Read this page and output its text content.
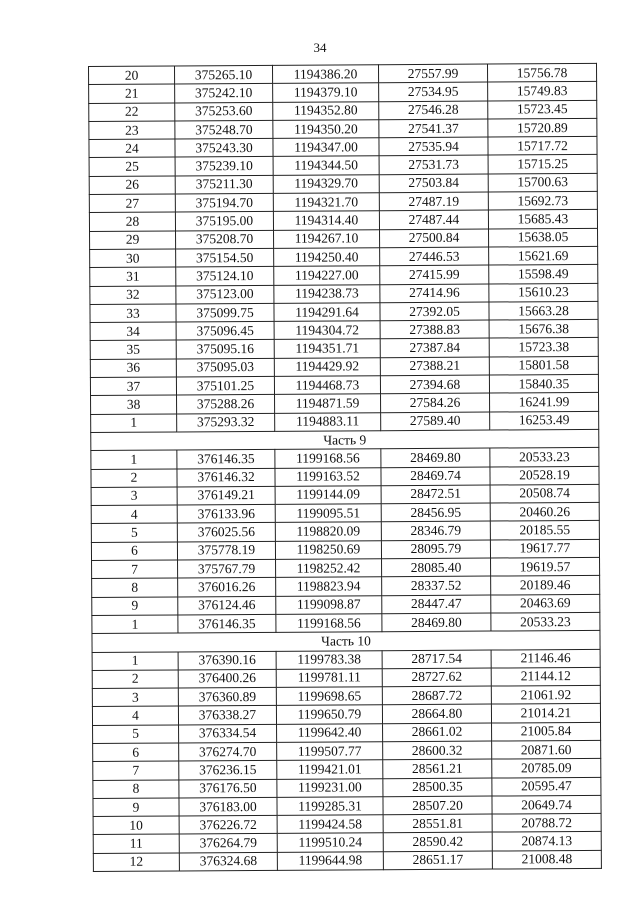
34
20	375265.10	1194386.20	27557.99	15756.78
21	375242.10	1194379.10	27534.95	15749.83
22	375253.60	1194352.80	27546.28	15723.45
23	375248.70	1194350.20	27541.37	15720.89
24	375243.30	1194347.00	27535.94	15717.72
25	375239.10	1194344.50	27531.73	15715.25
26	375211.30	1194329.70	27503.84	15700.63
27	375194.70	1194321.70	27487.19	15692.73
28	375195.00	1194314.40	27487.44	15685.43
29	375208.70	1194267.10	27500.84	15638.05
30	375154.50	1194250.40	27446.53	15621.69
31	375124.10	1194227.00	27415.99	15598.49
32	375123.00	1194238.73	27414.96	15610.23
33	375099.75	1194291.64	27392.05	15663.28
34	375096.45	1194304.72	27388.83	15676.38
35	375095.16	1194351.71	27387.84	15723.38
36	375095.03	1194429.92	27388.21	15801.58
37	375101.25	1194468.73	27394.68	15840.35
38	375288.26	1194871.59	27584.26	16241.99
1	375293.32	1194883.11	27589.40	16253.49
Часть 9				
1	376146.35	1199168.56	28469.80	20533.23
2	376146.32	1199163.52	28469.74	20528.19
3	376149.21	1199144.09	28472.51	20508.74
4	376133.96	1199095.51	28456.95	20460.26
5	376025.56	1198820.09	28346.79	20185.55
6	375778.19	1198250.69	28095.79	19617.77
7	375767.79	1198252.42	28085.40	19619.57
8	376016.26	1198823.94	28337.52	20189.46
9	376124.46	1199098.87	28447.47	20463.69
1	376146.35	1199168.56	28469.80	20533.23
Часть 10				
1	376390.16	1199783.38	28717.54	21146.46
2	376400.26	1199781.11	28727.62	21144.12
3	376360.89	1199698.65	28687.72	21061.92
4	376338.27	1199650.79	28664.80	21014.21
5	376334.54	1199642.40	28661.02	21005.84
6	376274.70	1199507.77	28600.32	20871.60
7	376236.15	1199421.01	28561.21	20785.09
8	376176.50	1199231.00	28500.35	20595.47
9	376183.00	1199285.31	28507.20	20649.74
10	376226.72	1199424.58	28551.81	20788.72
11	376264.79	1199510.24	28590.42	20874.13
12	376324.68	1199644.98	28651.17	21008.48
